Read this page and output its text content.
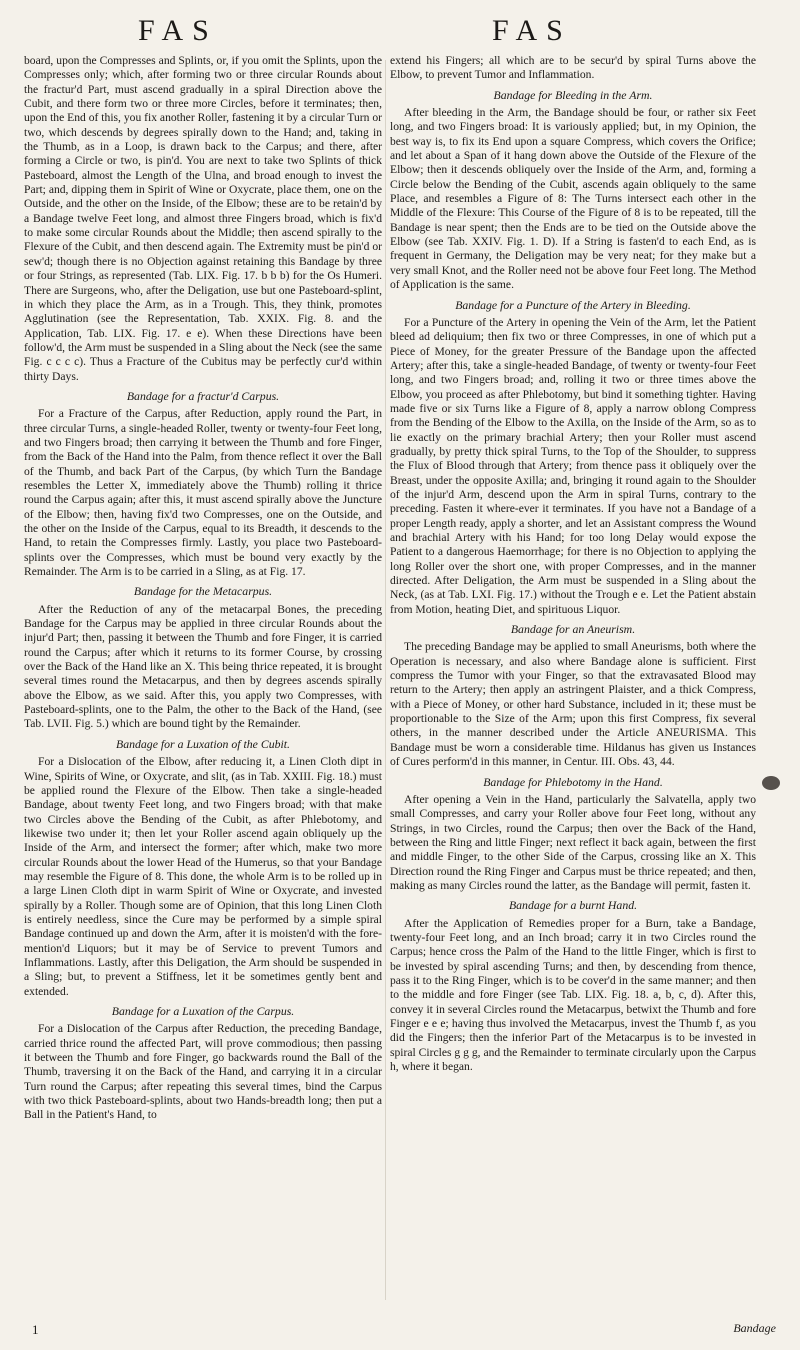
FAS	FAS

board, upon the Compresses and Splints, or, if you omit the Splints, upon the Compresses only; which, after forming two or three circular Rounds about the fractur'd Part, must ascend gradually in a spiral Direction above the Cubit, and there form two or three more Circles, before it terminates; then, upon the End of this, you fix another Roller, fastening it by a circular Turn or two, which descends by degrees spirally down to the Hand; and, taking in the Thumb, as in a Loop, is drawn back to the Carpus; and there, after forming a Circle or two, is pin'd. You are next to take two Splints of thick Pasteboard, almost the Length of the Ulna, and broad enough to invest the Part; and, dipping them in Spirit of Wine or Oxycrate, place them, one on the Outside, and the other on the Inside, of the Elbow; these are to be retain'd by a Bandage twelve Feet long, and almost three Fingers broad, which is fix'd to make some circular Rounds about the Middle; then ascend spirally to the Flexure of the Cubit, and then descend again. The Extremity must be pin'd or sew'd; though there is no Objection against retaining this Bandage by three or four Strings, as represented (Tab. LIX. Fig. 17. b b b) for the Os Humeri. There are Surgeons, who, after the Deligation, use but one Pasteboard-splint, in which they place the Arm, as in a Trough. This, they think, promotes Agglutination (see the Representation, Tab. XXIX. Fig. 8. and the Application, Tab. LIX. Fig. 17. e e). When these Directions have been follow'd, the Arm must be suspended in a Sling about the Neck (see the same Fig. c c c c). Thus a Fracture of the Cubitus may be perfectly cur'd within thirty Days.

Bandage for a fractur'd Carpus.

For a Fracture of the Carpus, after Reduction, apply round the Part, in three circular Turns, a single-headed Roller, twenty or twenty-four Feet long, and two Fingers broad; then carrying it between the Thumb and fore Finger, from the Back of the Hand into the Palm, from thence reflect it over the Ball of the Thumb, and back Part of the Carpus, (by which Turn the Bandage resembles the Letter X, immediately above the Thumb) rolling it thrice round the Carpus again; after this, it must ascend spirally above the Juncture of the Elbow; then, having fix'd two Compresses, one on the Outside, and the other on the Inside of the Carpus, equal to its Breadth, it descends to the Hand, to retain the Compresses firmly. Lastly, you place two Pasteboard-splints over the Compresses, which must be bound very exactly by the Remainder. The Arm is to be carried in a Sling, as at Fig. 17.

Bandage for the Metacarpus.

After the Reduction of any of the metacarpal Bones, the preceding Bandage for the Carpus may be applied in three circular Rounds about the injur'd Part; then, passing it between the Thumb and fore Finger, it is carried round the Carpus; after which it returns to its former Course, by crossing over the Back of the Hand like an X. This being thrice repeated, it is brought several times round the Metacarpus, and then by degrees ascends spirally above the Elbow, as we said. After this, you apply two Compresses, with Pasteboard-splints, one to the Palm, the other to the Back of the Hand, (see Tab. LVII. Fig. 5.) which are bound tight by the Remainder.

Bandage for a Luxation of the Cubit.

For a Dislocation of the Elbow, after reducing it, a Linen Cloth dipt in Wine, Spirits of Wine, or Oxycrate, and slit, (as in Tab. XXIII. Fig. 18.) must be applied round the Flexure of the Elbow. Then take a single-headed Bandage, about twenty Feet long, and two Fingers broad; with that make two Circles above the Bending of the Cubit, as after Phlebotomy, and likewise two under it; then let your Roller ascend again obliquely up the Inside of the Arm, and intersect the former; after which, make two more circular Rounds about the lower Head of the Humerus, so that your Bandage may resemble the Figure of 8. This done, the whole Arm is to be rolled up in a large Linen Cloth dipt in warm Spirit of Wine or Oxycrate, and invested spirally by a Roller. Though some are of Opinion, that this long Linen Cloth is entirely needless, since the Cure may be performed by a simple spiral Bandage continued up and down the Arm, after it is moisten'd with the fore-mention'd Liquors; but it may be of Service to prevent Tumors and Inflammations. Lastly, after this Deligation, the Arm should be suspended in a Sling; but, to prevent a Stiffness, let it be sometimes gently bent and extended.

Bandage for a Luxation of the Carpus.

For a Dislocation of the Carpus after Reduction, the preceding Bandage, carried thrice round the affected Part, will prove commodious; then passing it between the Thumb and fore Finger, go backwards round the Ball of the Thumb, traversing it on the Back of the Hand, and carrying it in a circular Turn round the Carpus; after repeating this several times, bind the Carpus with two thick Pasteboard-splints, about two Hands-breadth long; then put a Ball in the Patient's Hand, to

extend his Fingers; all which are to be secur'd by spiral Turns above the Elbow, to prevent Tumor and Inflammation.

Bandage for Bleeding in the Arm.

After bleeding in the Arm, the Bandage should be four, or rather six Feet long, and two Fingers broad: It is variously applied; but, in my Opinion, the best way is, to fix its End upon a square Compress, which covers the Orifice; and let about a Span of it hang down above the Outside of the Flexure of the Elbow; then it descends obliquely over the Inside of the Arm, and, forming a Circle below the Bending of the Cubit, ascends again obliquely to the same Place, and resembles a Figure of 8: The Turns intersect each other in the Middle of the Flexure: This Course of the Figure of 8 is to be repeated, till the Bandage is near spent; then the Ends are to be tied on the Outside above the Elbow (see Tab. XXIV. Fig. 1. D). If a String is fasten'd to each End, as is frequent in Germany, the Deligation may be very neat; for they make but a very small Knot, and the Roller need not be above four Feet long. The Method of Application is the same.

Bandage for a Puncture of the Artery in Bleeding.

For a Puncture of the Artery in opening the Vein of the Arm, let the Patient bleed ad deliquium; then fix two or three Compresses, in one of which put a Piece of Money, for the greater Pressure of the Bandage upon the affected Artery; after this, take a single-headed Bandage, of twenty or twenty-four Feet long, and two Fingers broad; and, rolling it two or three times above the Elbow, you proceed as after Phlebotomy, but bind it something tighter. Having made five or six Turns like a Figure of 8, apply a narrow oblong Compress from the Bending of the Elbow to the Axilla, on the Inside of the Arm, so as to lie exactly on the primary brachial Artery; then your Roller must ascend gradually, by pretty thick spiral Turns, to the Top of the Shoulder, to suppress the Flux of Blood through that Artery; from thence pass it obliquely over the Breast, under the opposite Axilla; and, bringing it round again to the Shoulder of the injur'd Arm, descend upon the Arm in spiral Turns, contrary to the preceding. Fasten it where-ever it terminates. If you have not a Bandage of a proper Length ready, apply a shorter, and let an Assistant compress the Wound and brachial Artery with his Hand; for too long Delay would expose the Patient to a dangerous Haemorrhage; for there is no Objection to applying the long Roller over the short one, with proper Compresses, and in the manner directed. After Deligation, the Arm must be suspended in a Sling about the Neck, (as at Tab. LXI. Fig. 17.) without the Trough e e. Let the Patient abstain from Motion, heating Diet, and spirituous Liquor.

Bandage for an Aneurism.

The preceding Bandage may be applied to small Aneurisms, both where the Operation is necessary, and also where Bandage alone is sufficient. First compress the Tumor with your Finger, so that the extravasated Blood may return to the Artery; then apply an astringent Plaister, and a thick Compress, with a Piece of Money, or other hard Substance, included in it; these must be proportionable to the Size of the Arm; upon this first Compress, fix several others, in the manner described under the Article ANEURISMA. This Bandage must be worn a considerable time. Hildanus has given us Instances of Cures perform'd in this manner, in Centur. III. Obs. 43, 44.

Bandage for Phlebotomy in the Hand.

After opening a Vein in the Hand, particularly the Salvatella, apply two small Compresses, and carry your Roller above four Feet long, without any Strings, in two Circles, round the Carpus; then over the Back of the Hand, between the Ring and little Finger; next reflect it back again, between the first and middle Finger, to the other Side of the Carpus, crossing like an X. This Direction round the Ring Finger and Carpus must be thrice repeated; and then, making as many Circles round the latter, as the Bandage will permit, fasten it.

Bandage for a burnt Hand.

After the Application of Remedies proper for a Burn, take a Bandage, twenty-four Feet long, and an Inch broad; carry it in two Circles round the Carpus; hence cross the Palm of the Hand to the little Finger, which is first to be invested by spiral ascending Turns; and then, by descending from thence, pass it to the Ring Finger, which is to be cover'd in the same manner; and then to the middle and fore Finger (see Tab. LIX. Fig. 18. a, b, c, d). After this, convey it in several Circles round the Metacarpus, betwixt the Thumb and fore Finger e e e; having thus involved the Metacarpus, invest the Thumb f, as you did the Fingers; then the inferior Part of the Metacarpus is to be invested in spiral Circles g g g, and the Remainder to terminate circularly upon the Carpus h, where it began.

1	Bandage
